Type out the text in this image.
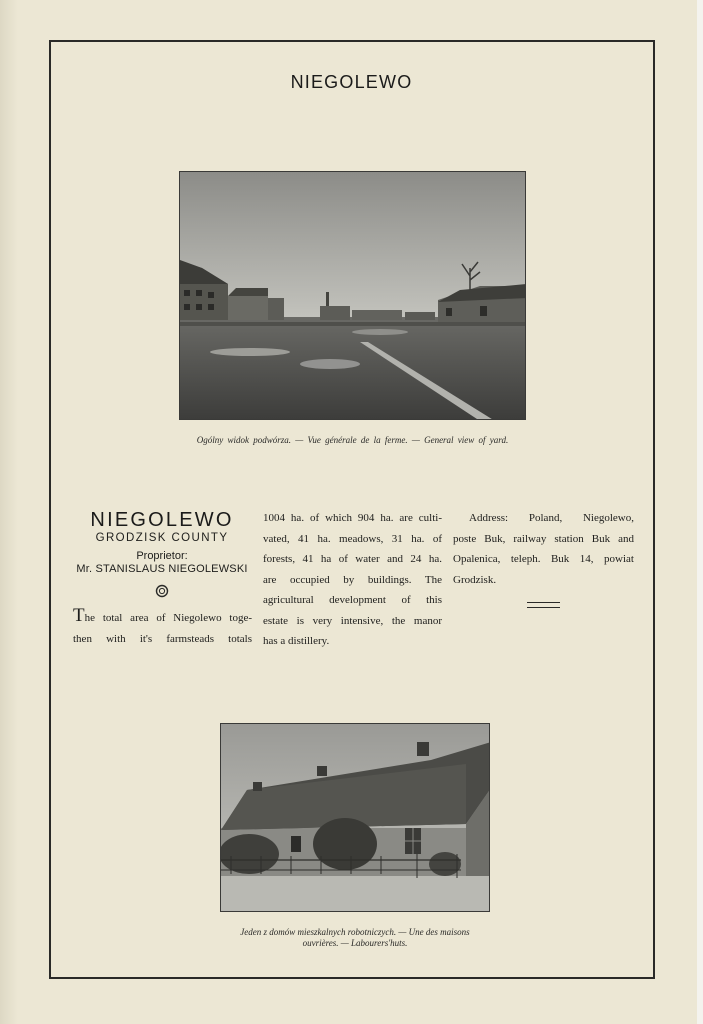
NIEGOLEWO
Ogólny widok podwórza. — Vue générale de la ferme. — General view of yard.
NIEGOLEWO
GRODZISK COUNTY
Proprietor:
Mr. STANISLAUS NIEGOLEWSKI
The total area of Niegolewo toge-
then with it's farmsteads totals
1004 ha. of which 904 ha. are culti-
vated, 41 ha. meadows, 31 ha. of
forests, 41 ha of water and 24 ha.
are occupied by buildings. The
agricultural development of this
estate is very intensive, the manor
has a distillery.
Address: Poland, Niegolewo,
poste Buk, railway station Buk and
Opalenica, teleph. Buk 14, powiat
Grodzisk.
Jeden z domów mieszkalnych robotniczych. — Une des maisons
ouvrières. — Labourers'huts.
